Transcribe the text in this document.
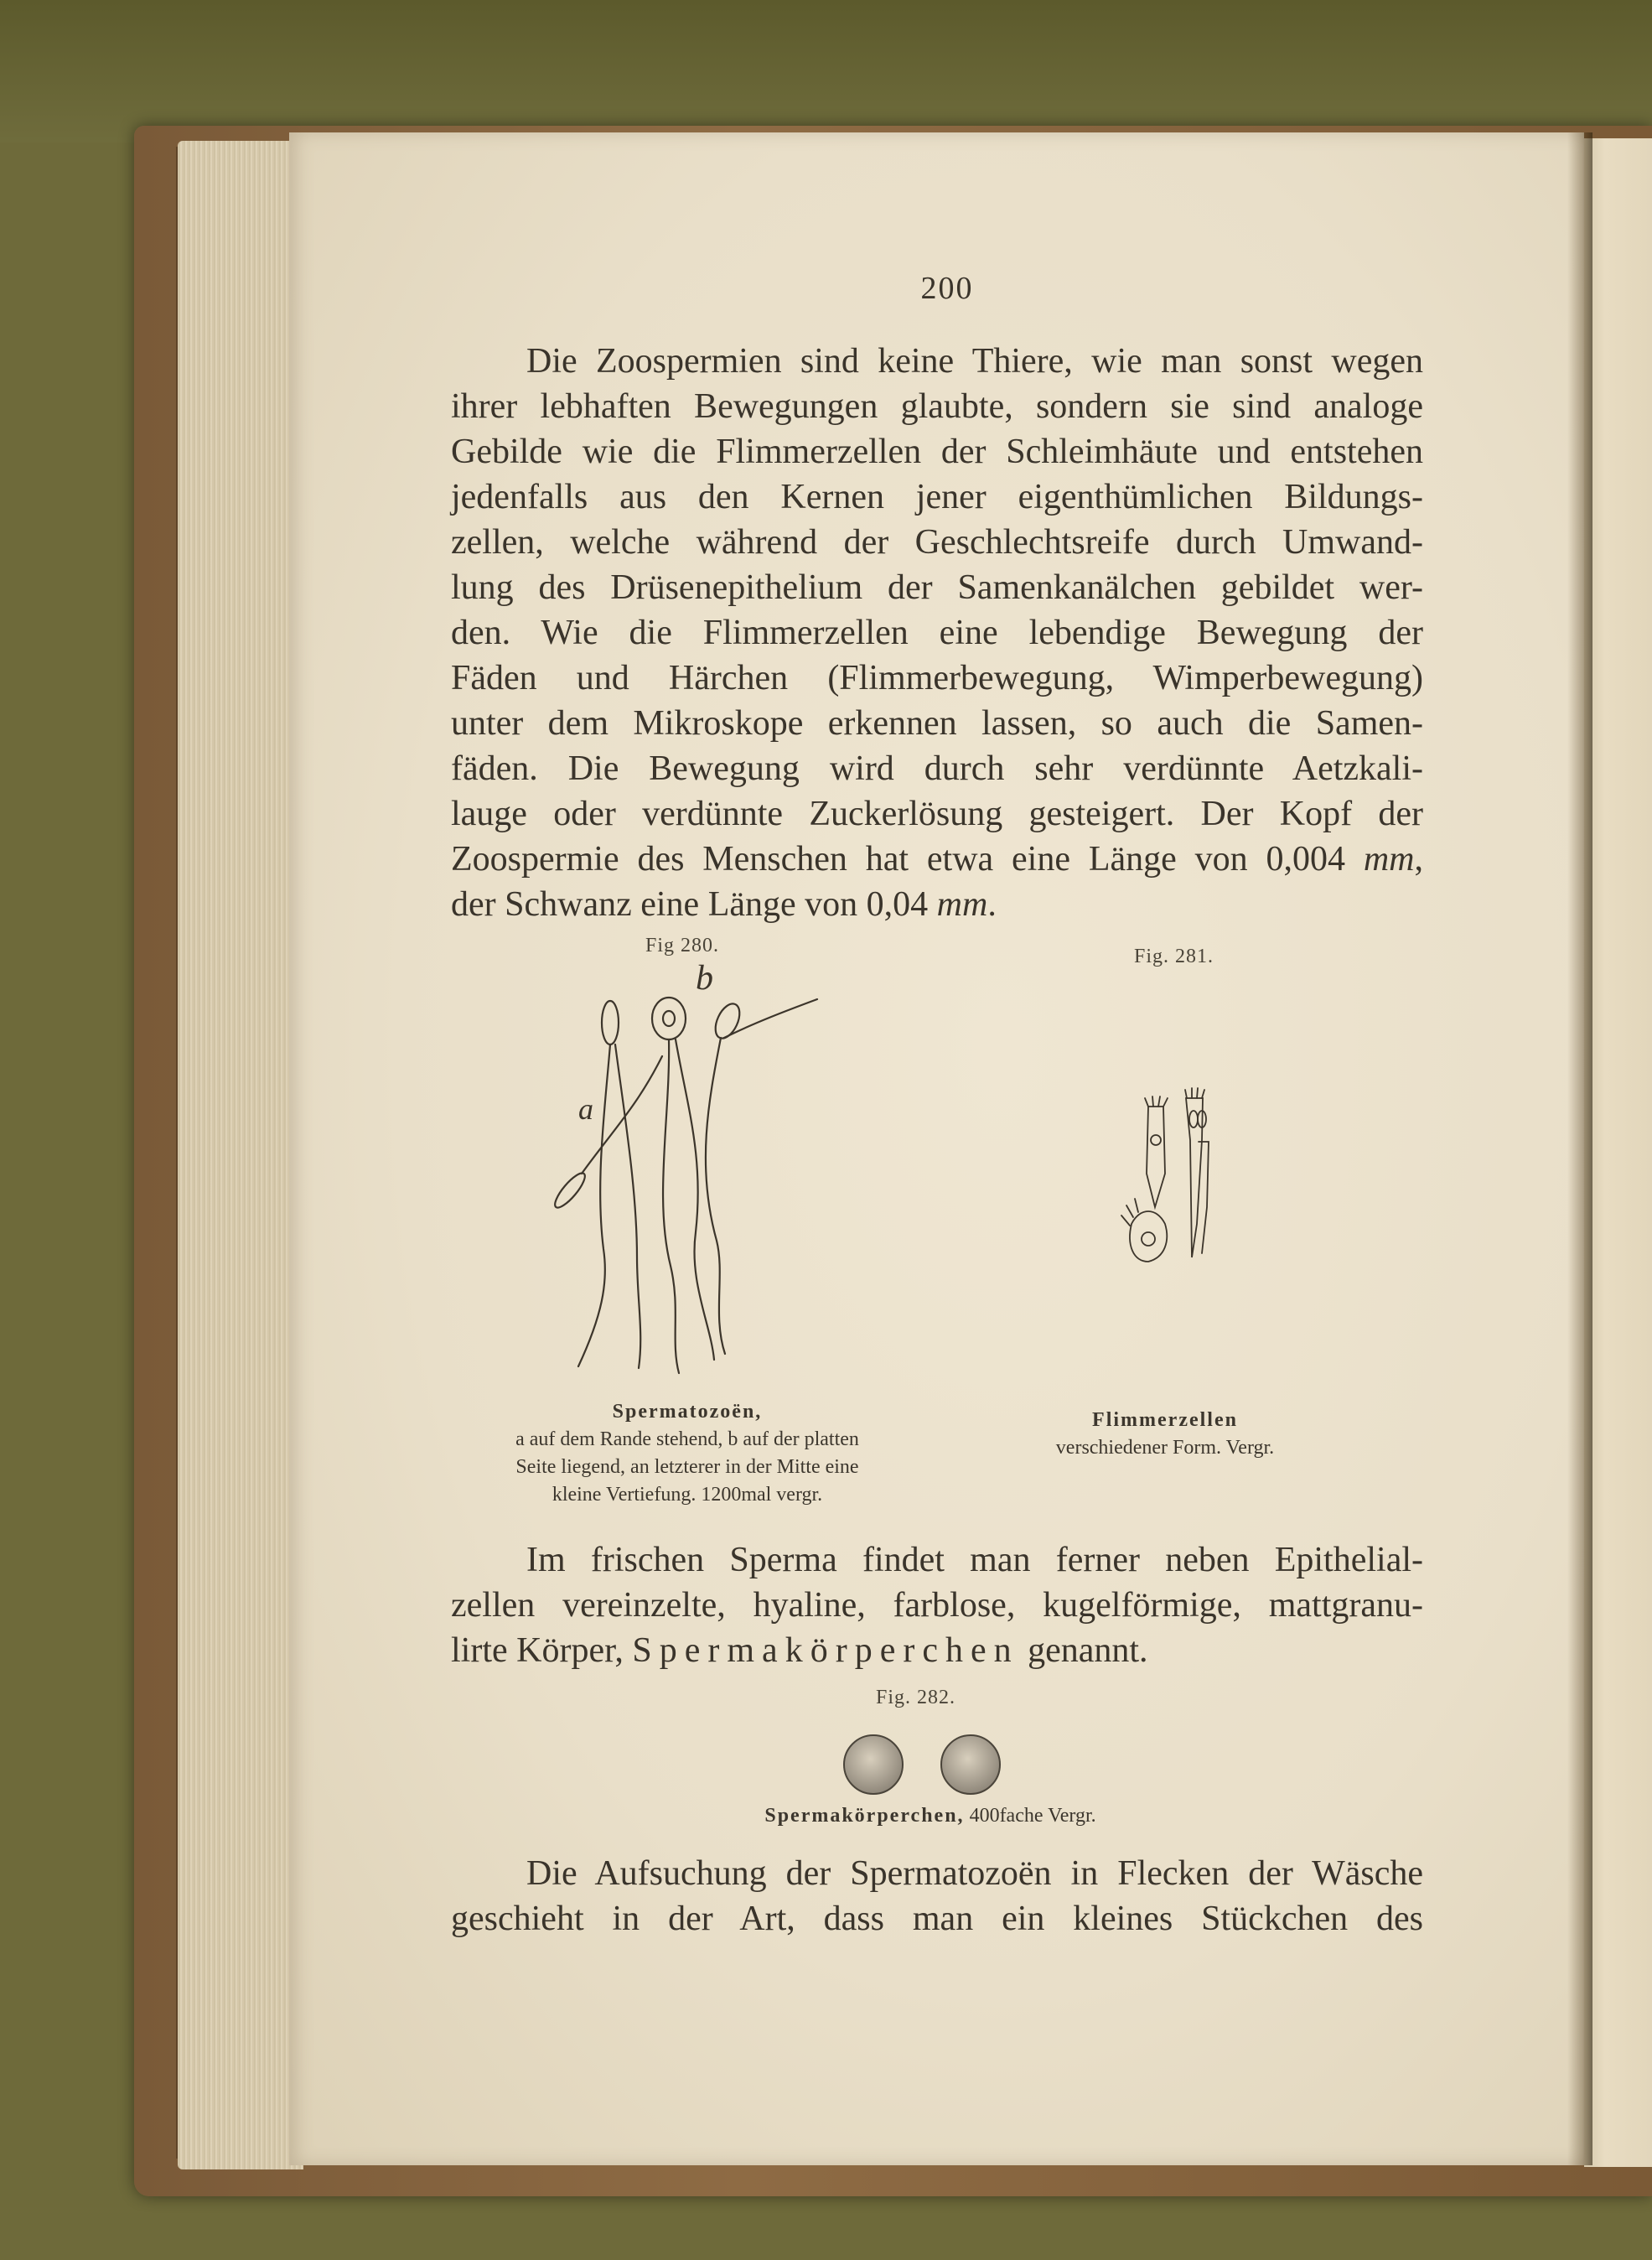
200
Die Zoospermien sind keine Thiere, wie man sonst wegen
ihrer lebhaften Bewegungen glaubte, sondern sie sind analoge
Gebilde wie die Flimmerzellen der Schleimhäute und entstehen
jedenfalls aus den Kernen jener eigenthümlichen Bildungs-
zellen, welche während der Geschlechtsreife durch Umwand-
lung des Drüsenepithelium der Samenkanälchen gebildet wer-
den. Wie die Flimmerzellen eine lebendige Bewegung der
Fäden und Härchen (Flimmerbewegung, Wimperbewegung)
unter dem Mikroskope erkennen lassen, so auch die Samen-
fäden. Die Bewegung wird durch sehr verdünnte Aetzkali-
lauge oder verdünnte Zuckerlösung gesteigert. Der Kopf der
Zoospermie des Menschen hat etwa eine Länge von 0,004 mm,
der Schwanz eine Länge von 0,04 mm.
Fig 280.	Fig. 281.
a
b
Spermatozoën,
a auf dem Rande stehend, b auf der platten
Seite liegend, an letzterer in der Mitte eine
kleine Vertiefung. 1200mal vergr.
Flimmerzellen
verschiedener Form. Vergr.
Im frischen Sperma findet man ferner neben Epithelial-
zellen vereinzelte, hyaline, farblose, kugelförmige, mattgranu-
lirte Körper, Spermakörperchen genannt.
Fig. 282.
Spermakörperchen, 400fache Vergr.
Die Aufsuchung der Spermatozoën in Flecken der Wäsche
geschieht in der Art, dass man ein kleines Stückchen des
